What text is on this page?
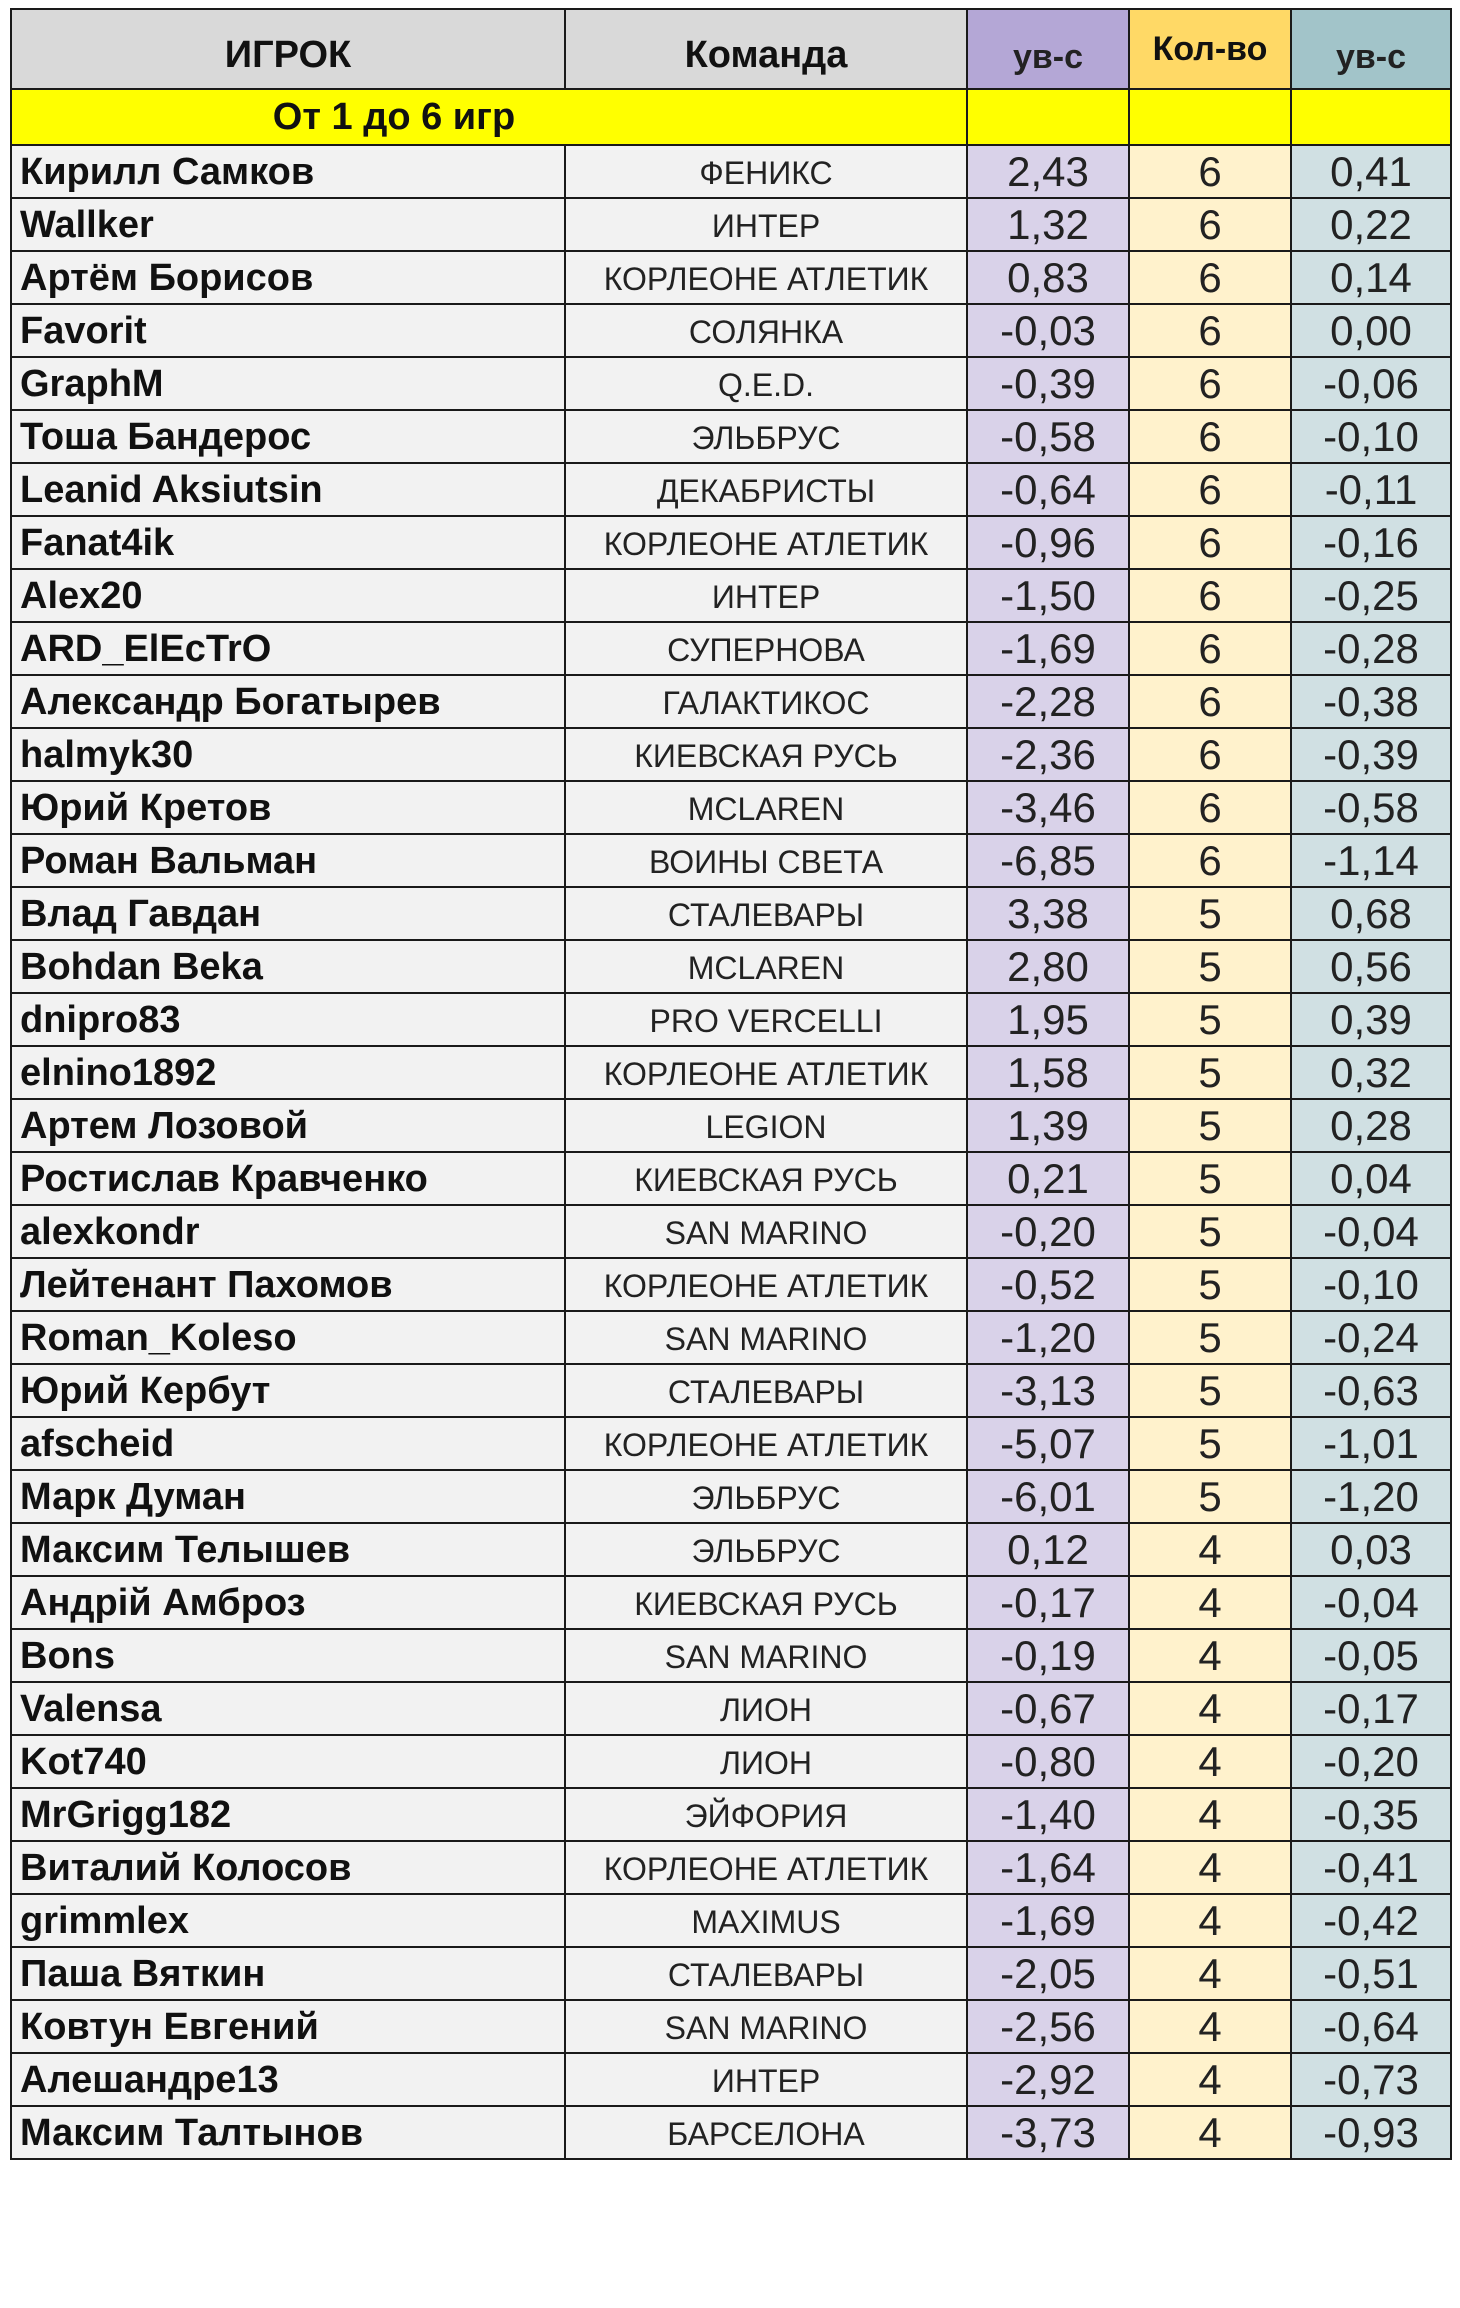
ИГРОК	Команда	ув-с	Кол-во	ув-с
От 1 до 6 игр				
Кирилл Самков	ФЕНИКС	2,43	6	0,41
Wallker	ИНТЕР	1,32	6	0,22
Артём Борисов	КОРЛЕОНЕ АТЛЕТИК	0,83	6	0,14
Favorit	СОЛЯНКА	-0,03	6	0,00
GraphM	Q.E.D.	-0,39	6	-0,06
Тоша Бандерос	ЭЛЬБРУС	-0,58	6	-0,10
Leanid Aksiutsin	ДЕКАБРИСТЫ	-0,64	6	-0,11
Fanat4ik	КОРЛЕОНЕ АТЛЕТИК	-0,96	6	-0,16
Alex20	ИНТЕР	-1,50	6	-0,25
ARD_ElEcTrO	СУПЕРНОВА	-1,69	6	-0,28
Александр Богатырев	ГАЛАКТИКОС	-2,28	6	-0,38
halmyk30	КИЕВСКАЯ РУСЬ	-2,36	6	-0,39
Юрий Кретов	MCLAREN	-3,46	6	-0,58
Роман Вальман	ВОИНЫ СВЕТА	-6,85	6	-1,14
Влад Гавдан	СТАЛЕВАРЫ	3,38	5	0,68
Bohdan Beka	MCLAREN	2,80	5	0,56
dnipro83	PRO VERCELLI	1,95	5	0,39
elnino1892	КОРЛЕОНЕ АТЛЕТИК	1,58	5	0,32
Артем Лозовой	LEGION	1,39	5	0,28
Ростислав Кравченко	КИЕВСКАЯ РУСЬ	0,21	5	0,04
alexkondr	SAN MARINO	-0,20	5	-0,04
Лейтенант Пахомов	КОРЛЕОНЕ АТЛЕТИК	-0,52	5	-0,10
Roman_Koleso	SAN MARINO	-1,20	5	-0,24
Юрий Кербут	СТАЛЕВАРЫ	-3,13	5	-0,63
afscheid	КОРЛЕОНЕ АТЛЕТИК	-5,07	5	-1,01
Марк Думан	ЭЛЬБРУС	-6,01	5	-1,20
Максим Телышев	ЭЛЬБРУС	0,12	4	0,03
Андрій Амброз	КИЕВСКАЯ РУСЬ	-0,17	4	-0,04
Bons	SAN MARINO	-0,19	4	-0,05
Valensa	ЛИОН	-0,67	4	-0,17
Kot740	ЛИОН	-0,80	4	-0,20
MrGrigg182	ЭЙФОРИЯ	-1,40	4	-0,35
Виталий Колосов	КОРЛЕОНЕ АТЛЕТИК	-1,64	4	-0,41
grimmlex	MAXIMUS	-1,69	4	-0,42
Паша Вяткин	СТАЛЕВАРЫ	-2,05	4	-0,51
Ковтун Евгений	SAN MARINO	-2,56	4	-0,64
Алешандре13	ИНТЕР	-2,92	4	-0,73
Максим Талтынов	БАРСЕЛОНА	-3,73	4	-0,93
